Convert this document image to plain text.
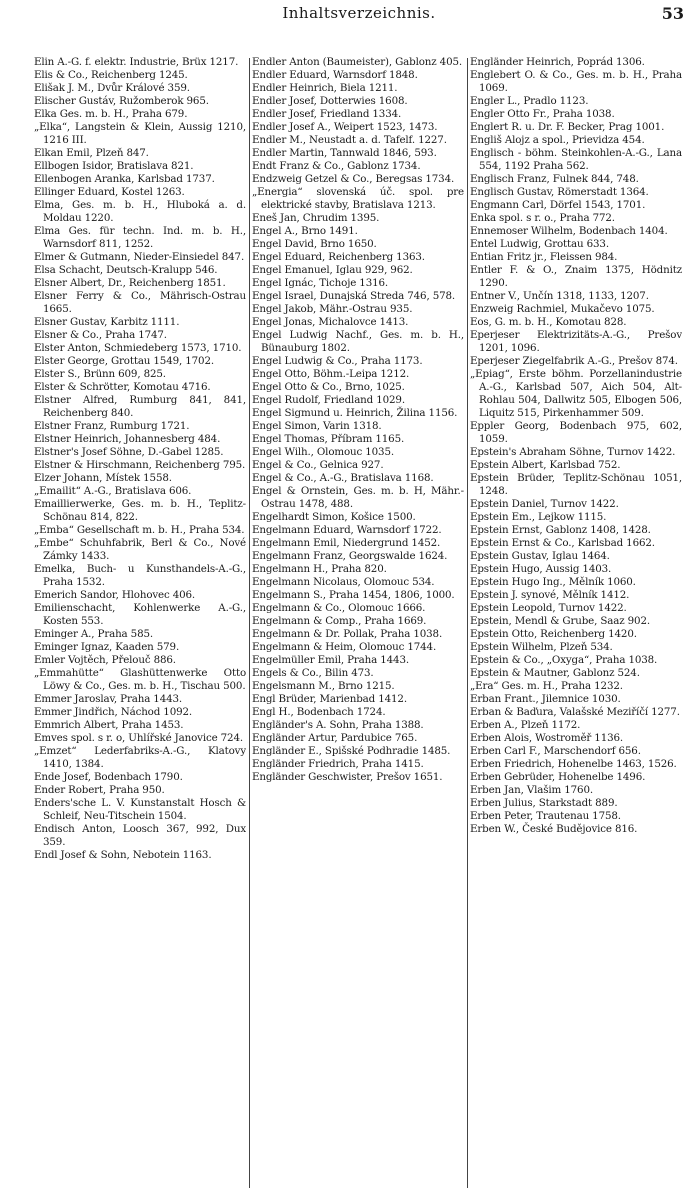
Inhaltsverzeichnis.	53

Elin A.-G. f. elektr. Industrie, Brüx 1217.

Elis & Co., Reichenberg 1245.

Elišak J. M., Dvůr Králové 359.

Elischer Gustáv, Ružomberok 965.

Elka Ges. m. b. H., Praha 679.

„Elka“, Langstein & Klein, Aussig 1210, 1216 III.

Elkan Emil, Plzeň 847.

Ellbogen Isidor, Bratislava 821.

Ellenbogen Aranka, Karlsbad 1737.

Ellinger Eduard, Kostel 1263.

Elma, Ges. m. b. H., Hluboká a. d. Moldau 1220.

Elma Ges. für techn. Ind. m. b. H., Warnsdorf 811, 1252.

Elmer & Gutmann, Nieder-Einsiedel 847.

Elsa Schacht, Deutsch-Kralupp 546.

Elsner Albert, Dr., Reichenberg 1851.

Elsner Ferry & Co., Mährisch-Ostrau 1665.

Elsner Gustav, Karbitz 1111.

Elsner & Co., Praha 1747.

Elster Anton, Schmiedeberg 1573, 1710.

Elster George, Grottau 1549, 1702.

Elster S., Brünn 609, 825.

Elster & Schrötter, Komotau 4716.

Elstner Alfred, Rumburg 841, 841, Reichenberg 840.

Elstner Franz, Rumburg 1721.

Elstner Heinrich, Johannesberg 484.

Elstner's Josef Söhne, D.-Gabel 1285.

Elstner & Hirschmann, Reichenberg 795.

Elzer Johann, Místek 1558.

„Emailit“ A.-G., Bratislava 606.

Emaillierwerke, Ges. m. b. H., Teplitz-Schönau 814, 822.

„Emba“ Gesellschaft m. b. H., Praha 534.

„Embe“ Schuhfabrik, Berl & Co., Nové Zámky 1433.

Emelka, Buch- u Kunsthandels-A.-G., Praha 1532.

Emerich Sandor, Hlohovec 406.

Emilienschacht, Kohlenwerke A.-G., Kosten 553.

Eminger A., Praha 585.

Eminger Ignaz, Kaaden 579.

Emler Vojtěch, Přelouč 886.

„Emmahütte“ Glashüttenwerke Otto Löwy & Co., Ges. m. b. H., Tischau 500.

Emmer Jaroslav, Praha 1443.

Emmer Jindřich, Náchod 1092.

Emmrich Albert, Praha 1453.

Emves spol. s r. o, Uhlířské Janovice 724.

„Emzet“ Lederfabriks-A.-G., Klatovy 1410, 1384.

Ende Josef, Bodenbach 1790.

Ender Robert, Praha 950.

Enders'sche L. V. Kunstanstalt Hosch & Schleif, Neu-Titschein 1504.

Endisch Anton, Loosch 367, 992, Dux 359.

Endl Josef & Sohn, Nebotein 1163.

Endler Anton (Baumeister), Gablonz 405.

Endler Eduard, Warnsdorf 1848.

Endler Heinrich, Biela 1211.

Endler Josef, Dotterwies 1608.

Endler Josef, Friedland 1334.

Endler Josef A., Weipert 1523, 1473.

Endler M., Neustadt a. d. Tafelf. 1227.

Endler Martin, Tannwald 1846, 593.

Endt Franz & Co., Gablonz 1734.

Endzweig Getzel & Co., Beregsas 1734.

„Energia“ slovenská úč. spol. pre elektrické stavby, Bratislava 1213.

Eneš Jan, Chrudim 1395.

Engel A., Brno 1491.

Engel David, Brno 1650.

Engel Eduard, Reichenberg 1363.

Engel Emanuel, Iglau 929, 962.

Engel Ignác, Tichoje 1316.

Engel Israel, Dunajská Streda 746, 578.

Engel Jakob, Mähr.-Ostrau 935.

Engel Jonas, Michalovce 1413.

Engel Ludwig Nachf., Ges. m. b. H., Bünauburg 1802.

Engel Ludwig & Co., Praha 1173.

Engel Otto, Böhm.-Leipa 1212.

Engel Otto & Co., Brno, 1025.

Engel Rudolf, Friedland 1029.

Engel Sigmund u. Heinrich, Žilina 1156.

Engel Simon, Varin 1318.

Engel Thomas, Příbram 1165.

Engel Wilh., Olomouc 1035.

Engel & Co., Gelnica 927.

Engel & Co., A.-G., Bratislava 1168.

Engel & Ornstein, Ges. m. b. H, Mähr.-Ostrau 1478, 488.

Engelhardt Simon, Košice 1500.

Engelmann Eduard, Warnsdorf 1722.

Engelmann Emil, Niedergrund 1452.

Engelmann Franz, Georgswalde 1624.

Engelmann H., Praha 820.

Engelmann Nicolaus, Olomouc 534.

Engelmann S., Praha 1454, 1806, 1000.

Engelmann & Co., Olomouc 1666.

Engelmann & Comp., Praha 1669.

Engelmann & Dr. Pollak, Praha 1038.

Engelmann & Heim, Olomouc 1744.

Engelmüller Emil, Praha 1443.

Engels & Co., Bilin 473.

Engelsmann M., Brno 1215.

Engl Brüder, Marienbad 1412.

Engl H., Bodenbach 1724.

Engländer's A. Sohn, Praha 1388.

Engländer Artur, Pardubice 765.

Engländer E., Spišské Podhradie 1485.

Engländer Friedrich, Praha 1415.

Engländer Geschwister, Prešov 1651.

Engländer Heinrich, Poprád 1306.

Englebert O. & Co., Ges. m. b. H., Praha 1069.

Engler L., Pradlo 1123.

Engler Otto Fr., Praha 1038.

Englert R. u. Dr. F. Becker, Prag 1001.

Engliš Alojz a spol., Prievidza 454.

Englisch - böhm. Steinkohlen-A.-G., Lana 554, 1192 Praha 562.

Englisch Franz, Fulnek 844, 748.

Englisch Gustav, Römerstadt 1364.

Engmann Carl, Dörfel 1543, 1701.

Enka spol. s r. o., Praha 772.

Ennemoser Wilhelm, Bodenbach 1404.

Entel Ludwig, Grottau 633.

Entian Fritz jr., Fleissen 984.

Entler F. & O., Znaim 1375, Hödnitz 1290.

Entner V., Unčín 1318, 1133, 1207.

Enzweig Rachmiel, Mukačevo 1075.

Eos, G. m. b. H., Komotau 828.

Eperjeser Elektrizitäts-A.-G., Prešov 1201, 1096.

Eperjeser Ziegelfabrik A.-G., Prešov 874.

„Epiag“, Erste böhm. Porzellanindustrie A.-G., Karlsbad 507, Aich 504, Alt-Rohlau 504, Dallwitz 505, Elbogen 506, Liquitz 515, Pirkenhammer 509.

Eppler Georg, Bodenbach 975, 602, 1059.

Epstein's Abraham Söhne, Turnov 1422.

Epstein Albert, Karlsbad 752.

Epstein Brüder, Teplitz-Schönau 1051, 1248.

Epstein Daniel, Turnov 1422.

Epstein Em., Lejkow 1115.

Epstein Ernst, Gablonz 1408, 1428.

Epstein Ernst & Co., Karlsbad 1662.

Epstein Gustav, Iglau 1464.

Epstein Hugo, Aussig 1403.

Epstein Hugo Ing., Mělník 1060.

Epstein J. synové, Mělník 1412.

Epstein Leopold, Turnov 1422.

Epstein, Mendl & Grube, Saaz 902.

Epstein Otto, Reichenberg 1420.

Epstein Wilhelm, Plzeň 534.

Epstein & Co., „Oxyga“, Praha 1038.

Epstein & Mautner, Gablonz 524.

„Era“ Ges. m. H., Praha 1232.

Erban Frant., Jilemnice 1030.

Erban & Baďura, Valašské Meziříčí 1277.

Erben A., Plzeň 1172.

Erben Alois, Wostroměř 1136.

Erben Carl F., Marschendorf 656.

Erben Friedrich, Hohenelbe 1463, 1526.

Erben Gebrüder, Hohenelbe 1496.

Erben Jan, Vlašim 1760.

Erben Julius, Starkstadt 889.

Erben Peter, Trautenau 1758.

Erben W., České Budějovice 816.
